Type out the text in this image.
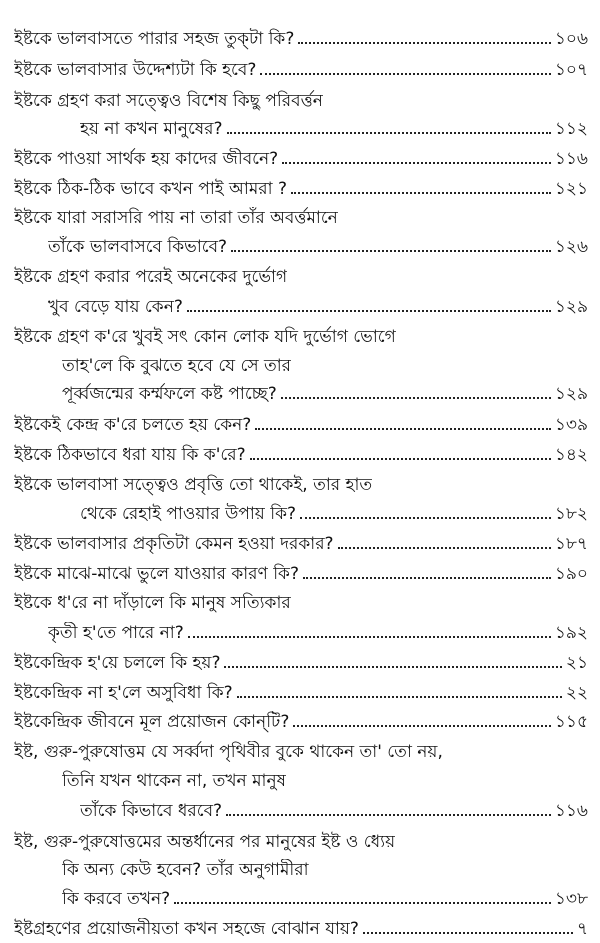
ইষ্টকে ভালবাসতে পারার সহজ তুক্‌টা কি?	১০৬
ইষ্টকে ভালবাসার উদ্দেশ্যটা কি হবে?	১০৭
ইষ্টকে গ্রহণ করা সত্ত্বেও বিশেষ কিছু পরিবর্ত্তন
হয় না কখন মানুষের?	১১২
ইষ্টকে পাওয়া সার্থক হয় কাদের জীবনে?	১১৬
ইষ্টকে ঠিক-ঠিক ভাবে কখন পাই আমরা ?	১২১
ইষ্টকে যারা সরাসরি পায় না তারা তাঁর অবর্ত্তমানে
তাঁকে ভালবাসবে কিভাবে?	১২৬
ইষ্টকে গ্রহণ করার পরেই অনেকের দুর্ভোগ
খুব বেড়ে যায় কেন?	১২৯
ইষ্টকে গ্রহণ ক'রে খুবই সৎ কোন লোক যদি দুর্ভোগ ভোগে
তাহ'লে কি বুঝতে হবে যে সে তার
পূর্ব্বজন্মের কর্ম্মফলে কষ্ট পাচ্ছে?	১২৯
ইষ্টকেই কেন্দ্র ক'রে চলতে হয় কেন?	১৩৯
ইষ্টকে ঠিকভাবে ধরা যায় কি ক'রে?	১৪২
ইষ্টকে ভালবাসা সত্ত্বেও প্রবৃত্তি তো থাকেই, তার হাত
থেকে রেহাই পাওয়ার উপায় কি?	১৮২
ইষ্টকে ভালবাসার প্রকৃতিটা কেমন হওয়া দরকার?	১৮৭
ইষ্টকে মাঝে-মাঝে ভুলে যাওয়ার কারণ কি?	১৯০
ইষ্টকে ধ'রে না দাঁড়ালে কি মানুষ সত্যিকার
কৃতী হ'তে পারে না?	১৯২
ইষ্টকেন্দ্রিক হ'য়ে চললে কি হয়?	২১
ইষ্টকেন্দ্রিক না হ'লে অসুবিধা কি?	২২
ইষ্টকেন্দ্রিক জীবনে মূল প্রয়োজন কোন্‌টি?	১১৫
ইষ্ট, গুরু-পুরুষোত্তম যে সর্ব্বদা পৃথিবীর বুকে থাকেন তা' তো নয়,
তিনি যখন থাকেন না, তখন মানুষ
তাঁকে কিভাবে ধরবে?	১১৬
ইষ্ট, গুরু-পুরুষোত্তমের অন্তর্ধানের পর মানুষের ইষ্ট ও ধ্যেয়
কি অন্য কেউ হবেন? তাঁর অনুগামীরা
কি করবে তখন?	১৩৮
ইষ্টগ্রহণের প্রয়োজনীয়তা কখন সহজে বোঝান যায়?	৭
